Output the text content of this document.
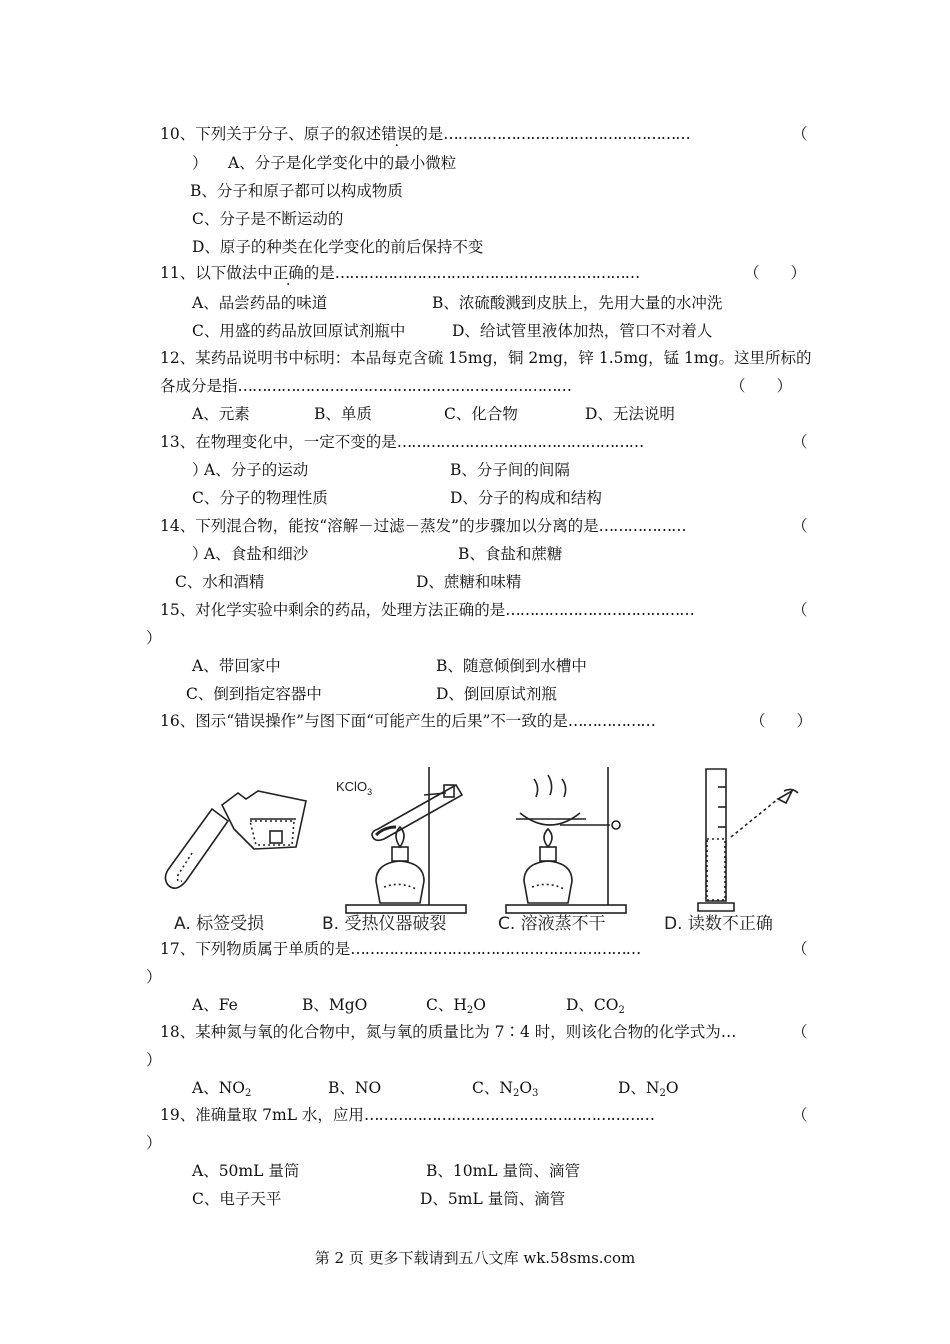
10、下列关于分子、原子的叙述错误的是……………………………………………	（
） A、分子是化学变化中的最小微粒
B、分子和原子都可以构成物质
C、分子是不断运动的
D、原子的种类在化学变化的前后保持不变
11、以下做法中正确的是………………………………………………………	（　　）
A、品尝药品的味道	B、浓硫酸溅到皮肤上，先用大量的水冲洗
C、用盛的药品放回原试剂瓶中	D、给试管里液体加热，管口不对着人
12、某药品说明书中标明：本品每克含硫 15mg，铜 2mg，锌 1.5mg，锰 1mg。这里所标的
各成分是指……………………………………………………………	（　　）
A、元素	B、单质	C、化合物	D、无法说明
13、在物理变化中，一定不变的是……………………………………………	（
）
A、分子的运动	B、分子间的间隔
C、分子的物理性质	D、分子的构成和结构
14、下列混合物，能按“溶解－过滤－蒸发”的步骤加以分离的是………………	（
）
A、食盐和细沙	B、食盐和蔗糖
C、水和酒精	D、蔗糖和味精
15、对化学实验中剩余的药品，处理方法正确的是…………………………………	（
）
A、带回家中	B、随意倾倒到水槽中
C、倒到指定容器中	D、倒回原试剂瓶
16、图示“错误操作”与图下面“可能产生的后果”不一致的是………………	（　　）
KClO$_3$
A. 标签受损	B. 受热仪器破裂	C. 溶液蒸不干	D. 读数不正确
17、下列物质属于单质的是……………………………………………………	（
）
A、Fe	B、MgO	C、$H_2O$	D、$CO_2$
18、某种氮与氧的化合物中，氮与氧的质量比为 7∶4 时，则该化合物的化学式为…	（
）
A、$NO_2$	B、NO	C、$N_2O_3$	D、$N_2O$
19、准确量取 7mL 水，应用……………………………………………………	（
）
A、50mL 量筒	B、10mL 量筒、滴管
C、电子天平	D、5mL 量筒、滴管
第 2 页 更多下载请到五八文库 wk.58sms.com
